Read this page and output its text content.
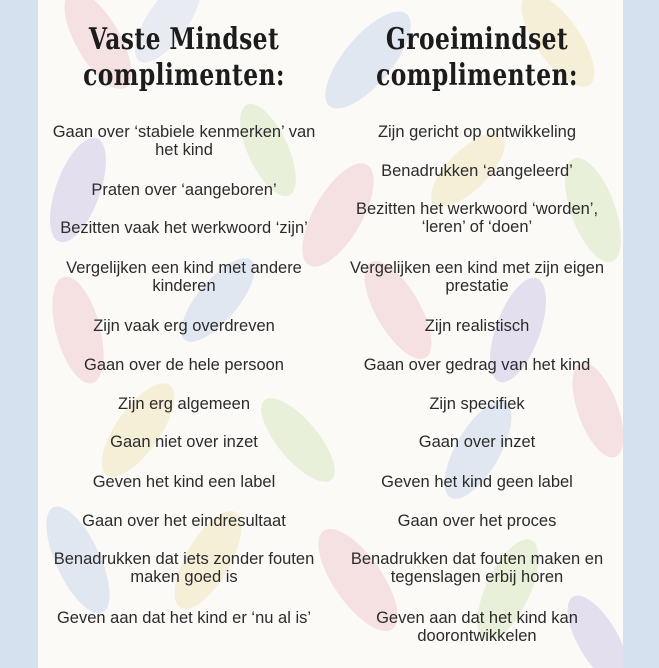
Vaste Mindset
complimenten:
Gaan over ‘stabiele kenmerken’ van het kind
Praten over ‘aangeboren’
Bezitten vaak het werkwoord ‘zijn’
Vergelijken een kind met andere kinderen
Zijn vaak erg overdreven
Gaan over de hele persoon
Zijn erg algemeen
Gaan niet over inzet
Geven het kind een label
Gaan over het eindresultaat
Benadrukken dat iets zonder fouten maken goed is
Geven aan dat het kind er ‘nu al is’
Groeimindset
complimenten:
Zijn gericht op ontwikkeling
Benadrukken ‘aangeleerd’
Bezitten het werkwoord ‘worden’, ‘leren’ of ‘doen’
Vergelijken een kind met zijn eigen prestatie
Zijn realistisch
Gaan over gedrag van het kind
Zijn specifiek
Gaan over inzet
Geven het kind geen label
Gaan over het proces
Benadrukken dat fouten maken en tegenslagen erbij horen
Geven aan dat het kind kan doorontwikkelen
